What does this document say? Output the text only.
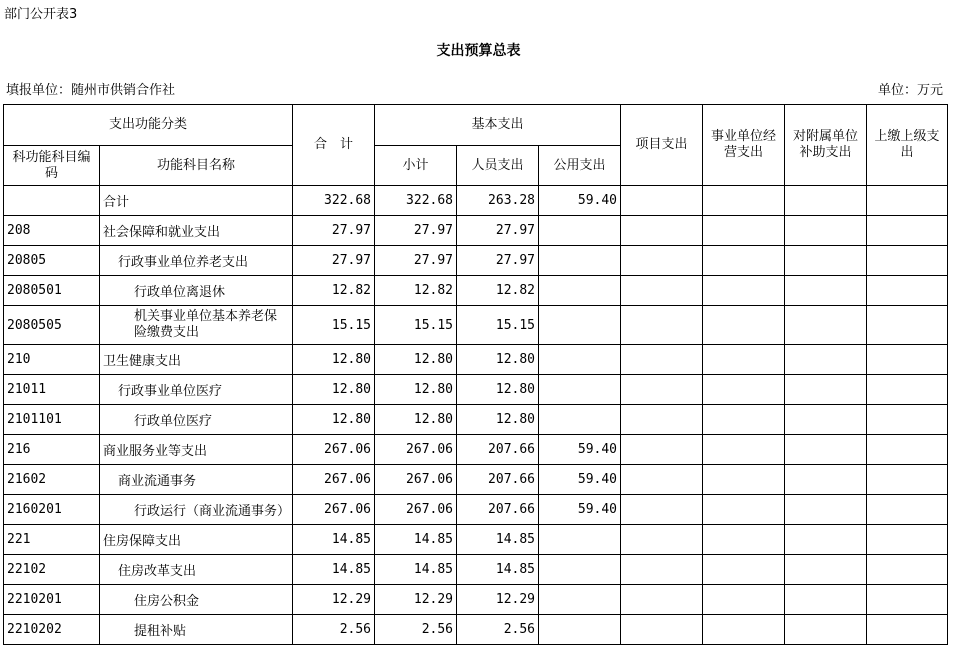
部门公开表3
支出预算总表
填报单位：随州市供销合作社	单位：万元
支出功能分类		合　计	基本支出			项目支出	事业单位经营支出	对附属单位补助支出	上缴上级支出
科功能科目编码	功能科目名称		小计	人员支出	公用支出				
	合计	322.68	322.68	263.28	59.40				
208	社会保障和就业支出	27.97	27.97	27.97					
20805	行政事业单位养老支出	27.97	27.97	27.97					
2080501	行政单位离退休	12.82	12.82	12.82					
2080505	机关事业单位基本养老保险缴费支出	15.15	15.15	15.15					
210	卫生健康支出	12.80	12.80	12.80					
21011	行政事业单位医疗	12.80	12.80	12.80					
2101101	行政单位医疗	12.80	12.80	12.80					
216	商业服务业等支出	267.06	267.06	207.66	59.40				
21602	商业流通事务	267.06	267.06	207.66	59.40				
2160201	行政运行（商业流通事务）	267.06	267.06	207.66	59.40				
221	住房保障支出	14.85	14.85	14.85					
22102	住房改革支出	14.85	14.85	14.85					
2210201	住房公积金	12.29	12.29	12.29					
2210202	提租补贴	2.56	2.56	2.56					
